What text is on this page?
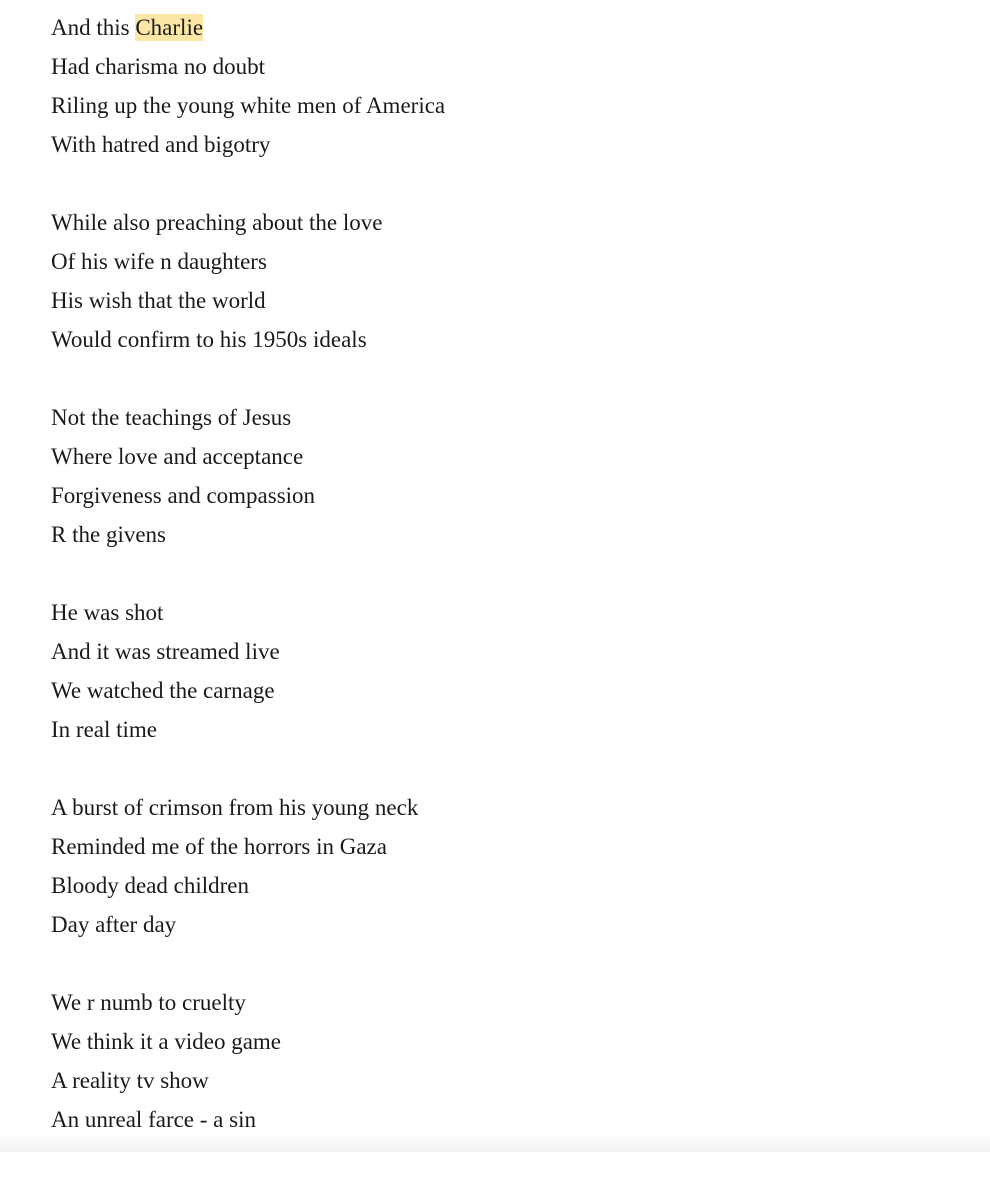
And this Charlie
Had charisma no doubt
Riling up the young white men of America
With hatred and bigotry
While also preaching about the love
Of his wife n daughters
His wish that the world
Would confirm to his 1950s ideals
Not the teachings of Jesus
Where love and acceptance
Forgiveness and compassion
R the givens
He was shot
And it was streamed live
We watched the carnage
In real time
A burst of crimson from his young neck
Reminded me of the horrors in Gaza
Bloody dead children
Day after day
We r numb to cruelty
We think it a video game
A reality tv show
An unreal farce - a sin
